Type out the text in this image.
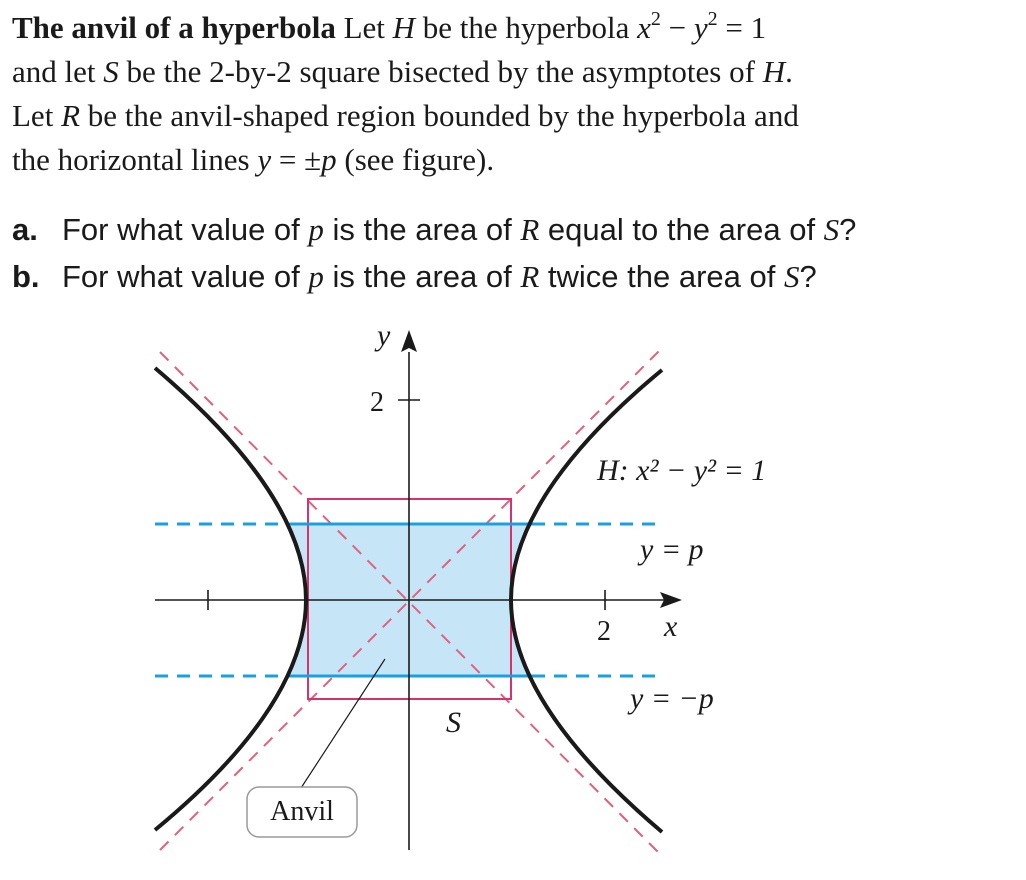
The anvil of a hyperbola Let H be the hyperbola $x^2 - y^2 = 1$

and let S be the 2-by-2 square bisected by the asymptotes of H.

Let R be the anvil-shaped region bounded by the hyperbola and

the horizontal lines y = ±p (see figure).

a. For what value of p is the area of R equal to the area of S?
b. For what value of p is the area of R twice the area of S?
Anvil
y
x
2
2
H: x² − y² = 1
y = p
y = −p
S
